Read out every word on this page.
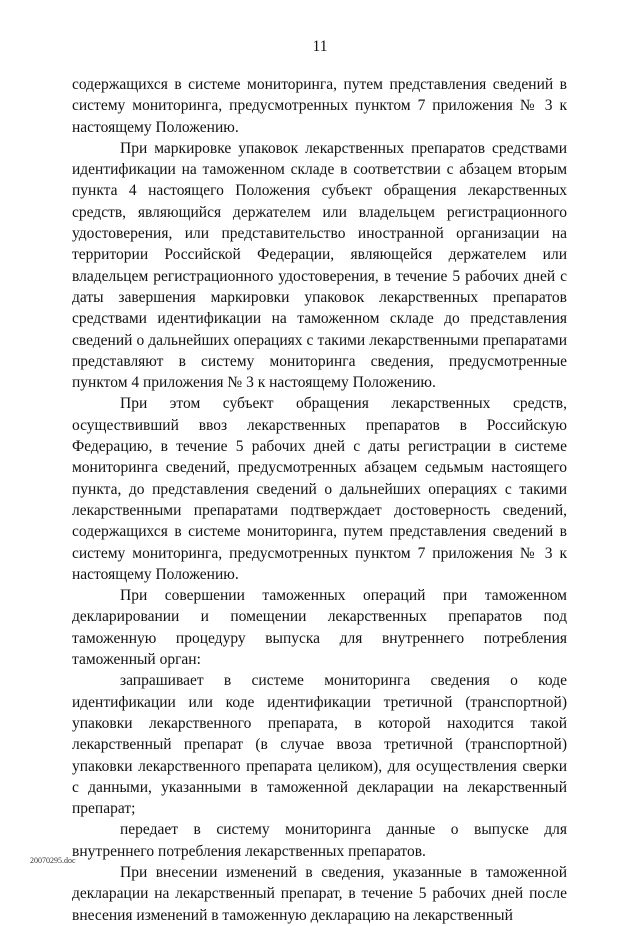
11

содержащихся в системе мониторинга, путем представления сведений в систему мониторинга, предусмотренных пунктом 7 приложения № 3 к настоящему Положению.

При маркировке упаковок лекарственных препаратов средствами идентификации на таможенном складе в соответствии с абзацем вторым пункта 4 настоящего Положения субъект обращения лекарственных средств, являющийся держателем или владельцем регистрационного удостоверения, или представительство иностранной организации на территории Российской Федерации, являющейся держателем или владельцем регистрационного удостоверения, в течение 5 рабочих дней с даты завершения маркировки упаковок лекарственных препаратов средствами идентификации на таможенном складе до представления сведений о дальнейших операциях с такими лекарственными препаратами представляют в систему мониторинга сведения, предусмотренные пунктом 4 приложения № 3 к настоящему Положению.

При этом субъект обращения лекарственных средств, осуществивший ввоз лекарственных препаратов в Российскую Федерацию, в течение 5 рабочих дней с даты регистрации в системе мониторинга сведений, предусмотренных абзацем седьмым настоящего пункта, до представления сведений о дальнейших операциях с такими лекарственными препаратами подтверждает достоверность сведений, содержащихся в системе мониторинга, путем представления сведений в систему мониторинга, предусмотренных пунктом 7 приложения № 3 к настоящему Положению.

При совершении таможенных операций при таможенном декларировании и помещении лекарственных препаратов под таможенную процедуру выпуска для внутреннего потребления таможенный орган:

запрашивает в системе мониторинга сведения о коде идентификации или коде идентификации третичной (транспортной) упаковки лекарственного препарата, в которой находится такой лекарственный препарат (в случае ввоза третичной (транспортной) упаковки лекарственного препарата целиком), для осуществления сверки с данными, указанными в таможенной декларации на лекарственный препарат;

передает в систему мониторинга данные о выпуске для внутреннего потребления лекарственных препаратов.

При внесении изменений в сведения, указанные в таможенной декларации на лекарственный препарат, в течение 5 рабочих дней после внесения изменений в таможенную декларацию на лекарственный

20070295.doc
